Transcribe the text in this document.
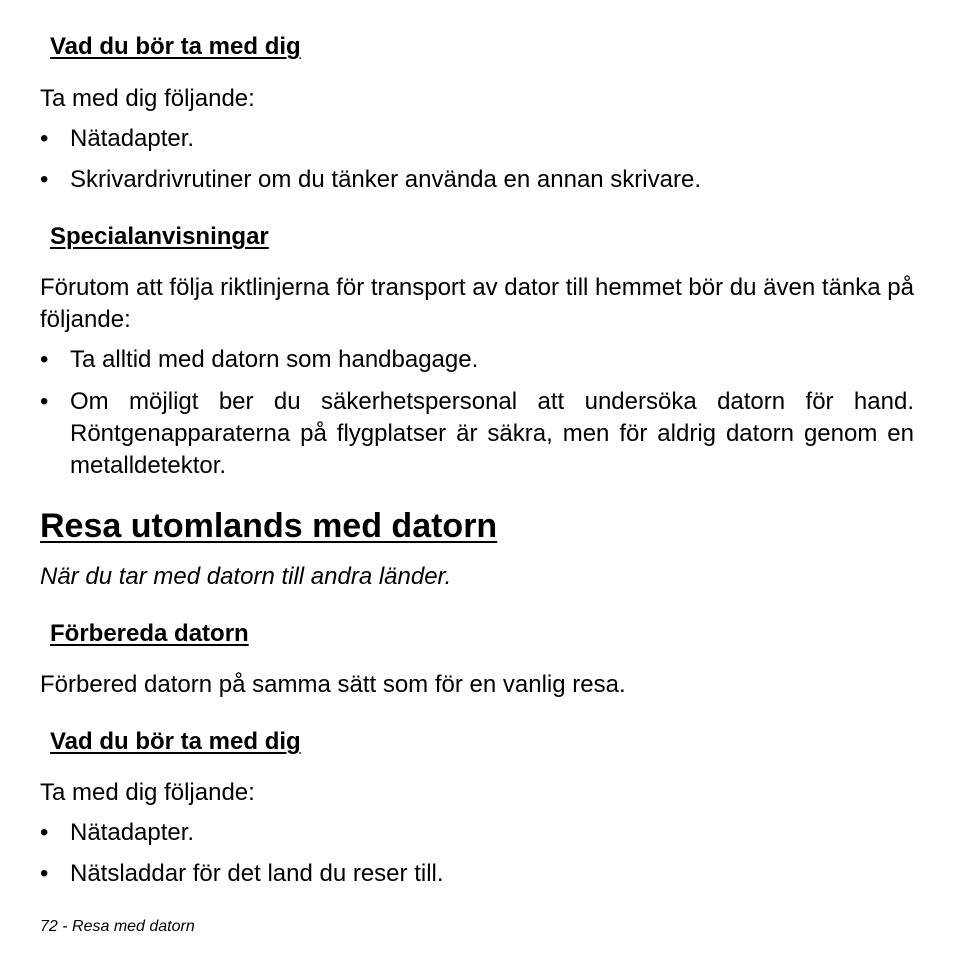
Vad du bör ta med dig
Ta med dig följande:
• Nätadapter.
• Skrivardrivrutiner om du tänker använda en annan skrivare.
Specialanvisningar
Förutom att följa riktlinjerna för transport av dator till hemmet bör du även tänka på följande:
• Ta alltid med datorn som handbagage.
• Om möjligt ber du säkerhetspersonal att undersöka datorn för hand. Röntgenapparaterna på flygplatser är säkra, men för aldrig datorn genom en metalldetektor.
Resa utomlands med datorn
När du tar med datorn till andra länder.
Förbereda datorn
Förbered datorn på samma sätt som för en vanlig resa.
Vad du bör ta med dig
Ta med dig följande:
• Nätadapter.
• Nätsladdar för det land du reser till.
72 - Resa med datorn
